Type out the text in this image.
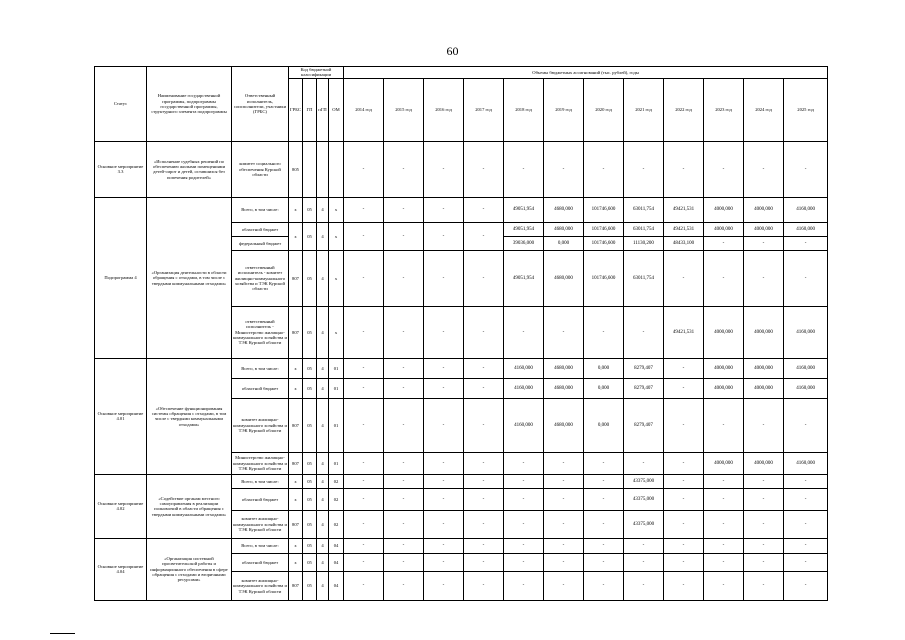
60
Статус	Наименование государственной программы, подпрограммы государственной программы, структурного элемента подпрограммы	Ответственный исполнитель, соисполнители, участники (ГРБС)	Код бюджетной классификации				Объемы бюджетных ассигнований (тыс. рублей), годы											
			ГРБС	ГП	пГП	ОМ	2014 год	2015 год	2016 год	2017 год	2018 год	2019 год	2020 год	2021 год	2022 год	2023 год	2024 год	2025 год
Основное мероприятие 3.3	«Исполнение судебных решений по обеспечению жилыми помещениями детей-сирот и детей, оставшихся без попечения родителей»	комитет социального обеспечения Курской области	805				-	-	-	-	-	-	-	-	-	-	-	-
Подпрограмма 4	«Организация деятельности в области обращения с отходами, в том числе с твердыми коммунальными отходами»	Всего, в том числе:	x	05	4	x	-	-	-	-	49051,954	4680,000	101746,600	63011,754	49421,531	4000,000	4000,000	4160,000
		областной бюджет	x	05	4	x	-	-	-	-	49051,954	4680,000	101746,600	63011,754	49421,531	4000,000	4000,000	4160,000
		федеральный бюджет									39036,000	0,000	101746,600	11130,200	48433,100	-	-	-
		ответственный исполнитель - комитет жилищно-коммунального хозяйства и ТЭК Курской области	807	05	4	x	-	-	-	-	49051,954	4680,000	101746,600	63011,754	-	-	-	-
		ответственный исполнитель - Министерство жилищно-коммунального хозяйства и ТЭК Курской области	807	05	4	x	-	-	-	-	-	-	-	-	49421,531	4000,000	4000,000	4160,000
Основное мероприятие 4.01	«Обеспечение функционирования системы обращения с отходами, в том числе с твердыми коммунальными отходами»	Всего, в том числе:	x	05	4	01	-	-	-	-	4160,000	4680,000	0,000	8279,407	-	4000,000	4000,000	4160,000
		областной бюджет	x	05	4	01	-	-	-	-	4160,000	4680,000	0,000	8279,407	-	4000,000	4000,000	4160,000
		комитет жилищно-коммунального хозяйства и ТЭК Курской области	807	05	4	01	-	-	-	-	4160,000	4680,000	0,000	8279,407	-	-	-	-
		Министерство жилищно-коммунального хозяйства и ТЭК Курской области	807	05	4	01	-	-	-	-	-	-	-	-	-	4000,000	4000,000	4160,000
Основное мероприятие 4.02	«Содействие органам местного самоуправления в реализации полномочий в области обращения с твердыми коммунальными отходами»	Всего, в том числе:	x	05	4	02	-	-	-	-	-	-	-	43375,000	-	-	-	-
		областной бюджет	x	05	4	02	-	-	-	-	-	-	-	43375,000	-	-	-	-
		комитет жилищно-коммунального хозяйства и ТЭК Курской области	807	05	4	02	-	-	-	-	-	-	-	43375,000	-	-	-	-
Основное мероприятие 4.04	«Организация системной просветительской работы и информационного обеспечения в сфере обращения с отходами и вторичными ресурсами»	Всего, в том числе:	x	05	4	04	-	-	-	-	-	-	-	-	-	-	-	-
		областной бюджет	x	05	4	04	-	-	-	-	-	-	-	-	-	-	-	-
		комитет жилищно-коммунального хозяйства и ТЭК Курской области	807	05	4	04	-	-	-	-	-	-	-	-	-	-	-	-
